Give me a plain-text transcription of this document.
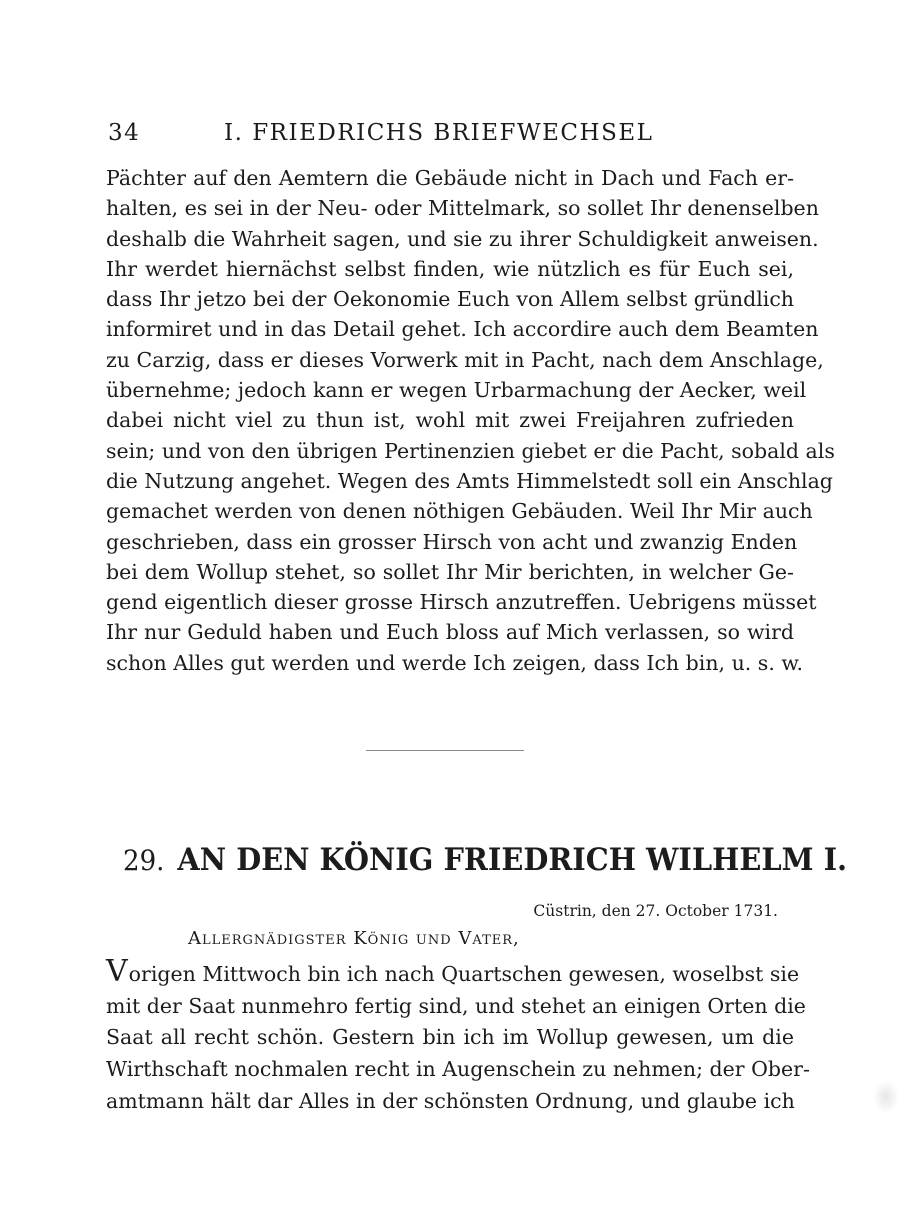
34	I. FRIEDRICHS BRIEFWECHSEL
Pächter auf den Aemtern die Gebäude nicht in Dach und Fach er-
halten, es sei in der Neu- oder Mittelmark, so sollet Ihr denenselben
deshalb die Wahrheit sagen, und sie zu ihrer Schuldigkeit anweisen.
Ihr werdet hiernächst selbst finden, wie nützlich es für Euch sei,
dass Ihr jetzo bei der Oekonomie Euch von Allem selbst gründlich
informiret und in das Detail gehet. Ich accordire auch dem Beamten
zu Carzig, dass er dieses Vorwerk mit in Pacht, nach dem Anschlage,
übernehme; jedoch kann er wegen Urbarmachung der Aecker, weil
dabei nicht viel zu thun ist, wohl mit zwei Freijahren zufrieden
sein; und von den übrigen Pertinenzien giebet er die Pacht, sobald als
die Nutzung angehet. Wegen des Amts Himmelstedt soll ein Anschlag
gemachet werden von denen nöthigen Gebäuden. Weil Ihr Mir auch
geschrieben, dass ein grosser Hirsch von acht und zwanzig Enden
bei dem Wollup stehet, so sollet Ihr Mir berichten, in welcher Ge-
gend eigentlich dieser grosse Hirsch anzutreffen. Uebrigens müsset
Ihr nur Geduld haben und Euch bloss auf Mich verlassen, so wird
schon Alles gut werden und werde Ich zeigen, dass Ich bin, u. s. w.
29. AN DEN KÖNIG FRIEDRICH WILHELM I.
Cüstrin, den 27. October 1731.
Allergnädigster König und Vater,
Vorigen Mittwoch bin ich nach Quartschen gewesen, woselbst sie
mit der Saat nunmehro fertig sind, und stehet an einigen Orten die
Saat all recht schön. Gestern bin ich im Wollup gewesen, um die
Wirthschaft nochmalen recht in Augenschein zu nehmen; der Ober-
amtmann hält dar Alles in der schönsten Ordnung, und glaube ich
